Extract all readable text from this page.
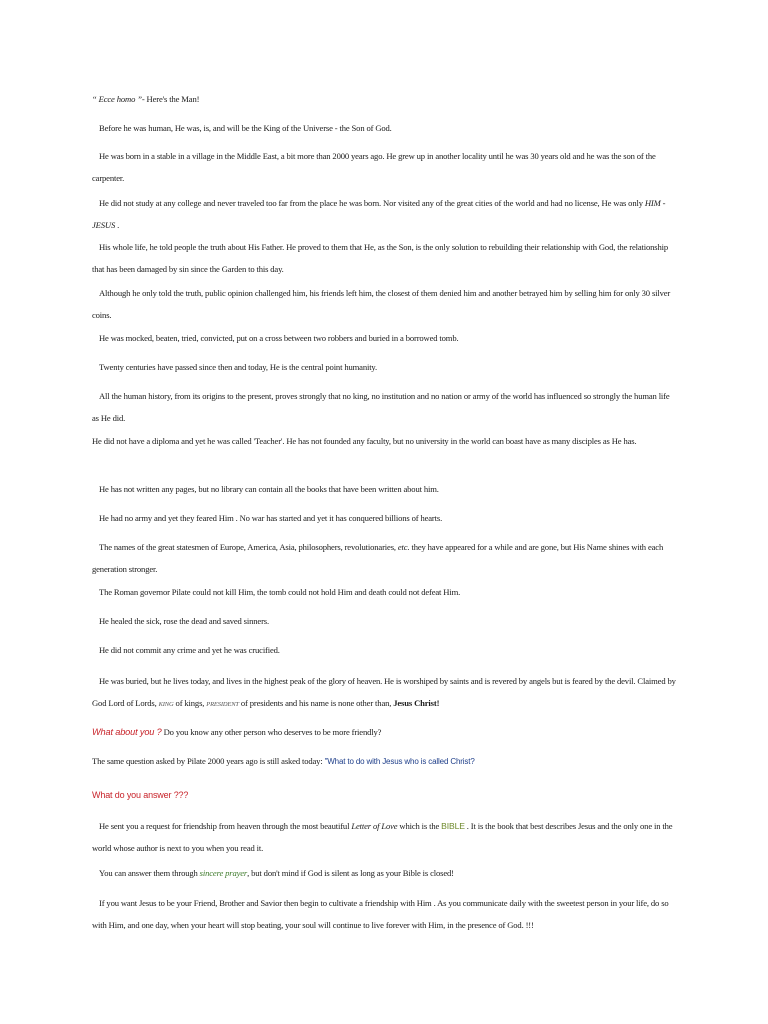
“ Ecce homo ”- Here's the Man!
Before he was human, He was, is, and will be the King of the Universe - the Son of God.
He was born in a stable in a village in the Middle East, a bit more than 2000 years ago. He grew up in another locality until he was 30 years old and he was the son of the carpenter.
He did not study at any college and never traveled too far from the place he was born. Nor visited any of the great cities of the world and had no license, He was only HIM - JESUS .
His whole life, he told people the truth about His Father. He proved to them that He, as the Son, is the only solution to rebuilding their relationship with God, the relationship that has been damaged by sin since the Garden to this day.
Although he only told the truth, public opinion challenged him, his friends left him, the closest of them denied him and another betrayed him by selling him for only 30 silver coins.
He was mocked, beaten, tried, convicted, put on a cross between two robbers and buried in a borrowed tomb.
Twenty centuries have passed since then and today, He is the central point humanity.
All the human history, from its origins to the present, proves strongly that no king, no institution and no nation or army of the world has influenced so strongly the human life as He did.
He did not have a diploma and yet he was called 'Teacher'. He has not founded any faculty, but no university in the world can boast have as many disciples as He has.
He has not written any pages, but no library can contain all the books that have been written about him.
He had no army and yet they feared Him . No war has started and yet it has conquered billions of hearts.
The names of the great statesmen of Europe, America, Asia, philosophers, revolutionaries, etc. they have appeared for a while and are gone, but His Name shines with each generation stronger.
The Roman governor Pilate could not kill Him, the tomb could not hold Him and death could not defeat Him.
He healed the sick, rose the dead and saved sinners.
He did not commit any crime and yet he was crucified.
He was buried, but he lives today, and lives in the highest peak of the glory of heaven. He is worshiped by saints and is revered by angels but is feared by the devil. Claimed by God Lord of Lords, KING of kings, PRESIDENT of presidents and his name is none other than, Jesus Christ!
What about you ? Do you know any other person who deserves to be more friendly?
The same question asked by Pilate 2000 years ago is still asked today: "What to do with Jesus who is called Christ?
What do you answer ???
He sent you a request for friendship from heaven through the most beautiful Letter of Love which is the BIBLE . It is the book that best describes Jesus and the only one in the world whose author is next to you when you read it.
You can answer them through sincere prayer, but don't mind if God is silent as long as your Bible is closed!
If you want Jesus to be your Friend, Brother and Savior then begin to cultivate a friendship with Him . As you communicate daily with the sweetest person in your life, do so with Him, and one day, when your heart will stop beating, your soul will continue to live forever with Him, in the presence of God. !!!
